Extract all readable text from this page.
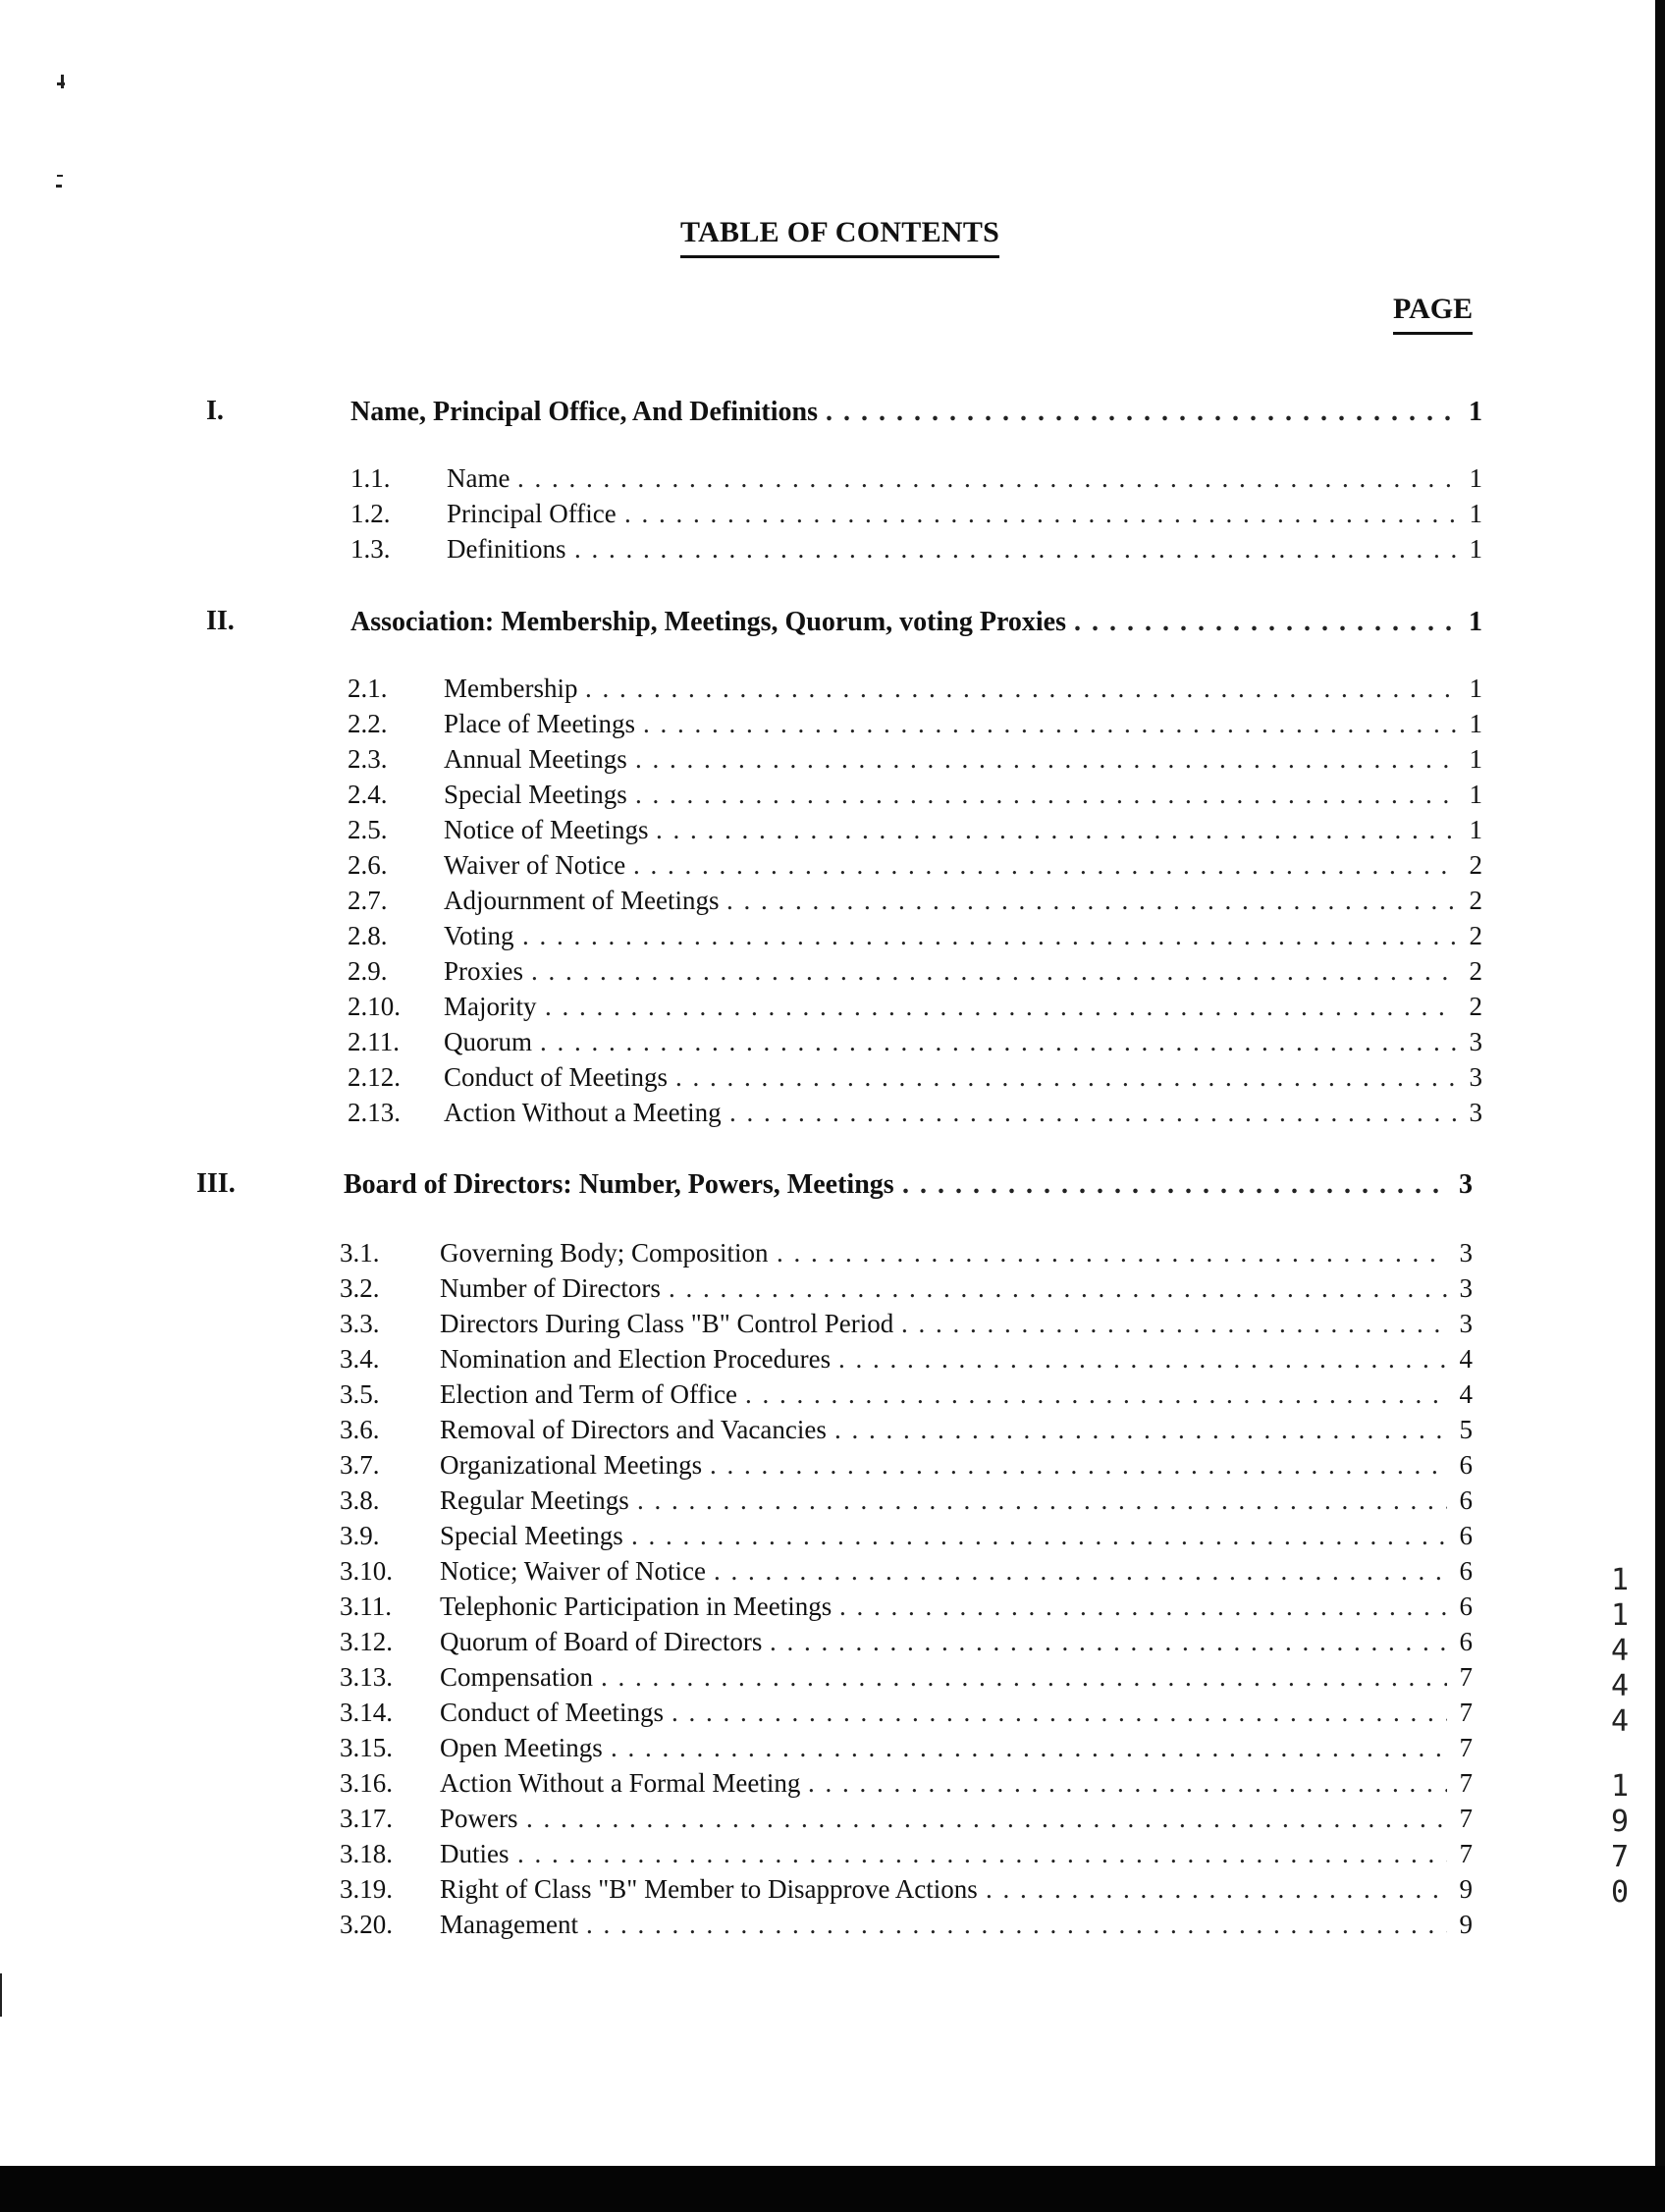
TABLE OF CONTENTS
PAGE
I.	Name, Principal Office, And Definitions . . .	1
1.1. Name . . .	1
1.2. Principal Office . . .	1
1.3. Definitions . . .	1
II.	Association: Membership, Meetings, Quorum, voting Proxies . . .	1
2.1. Membership . . .	1
2.2. Place of Meetings . . .	1
2.3. Annual Meetings . . .	1
2.4. Special Meetings . . .	1
2.5. Notice of Meetings . . .	1
2.6. Waiver of Notice . . .	2
2.7. Adjournment of Meetings . . .	2
2.8. Voting . . .	2
2.9. Proxies . . .	2
2.10. Majority . . .	2
2.11. Quorum . . .	3
2.12. Conduct of Meetings . . .	3
2.13. Action Without a Meeting . . .	3
III.	Board of Directors: Number, Powers, Meetings . . .	3
3.1. Governing Body; Composition . . .	3
3.2. Number of Directors . . .	3
3.3. Directors During Class "B" Control Period . . .	3
3.4. Nomination and Election Procedures . . .	4
3.5. Election and Term of Office . . .	4
3.6. Removal of Directors and Vacancies . . .	5
3.7. Organizational Meetings . . .	6
3.8. Regular Meetings . . .	6
3.9. Special Meetings . . .	6
3.10. Notice; Waiver of Notice . . .	6
3.11. Telephonic Participation in Meetings . . .	6
3.12. Quorum of Board of Directors . . .	6
3.13. Compensation . . .	7
3.14. Conduct of Meetings . . .	7
3.15. Open Meetings . . .	7
3.16. Action Without a Formal Meeting . . .	7
3.17. Powers . . .	7
3.18. Duties . . .	7
3.19. Right of Class "B" Member to Disapprove Actions . . .	9
3.20. Management . . .	9
1
1
4
4
4
1
9
7
0
